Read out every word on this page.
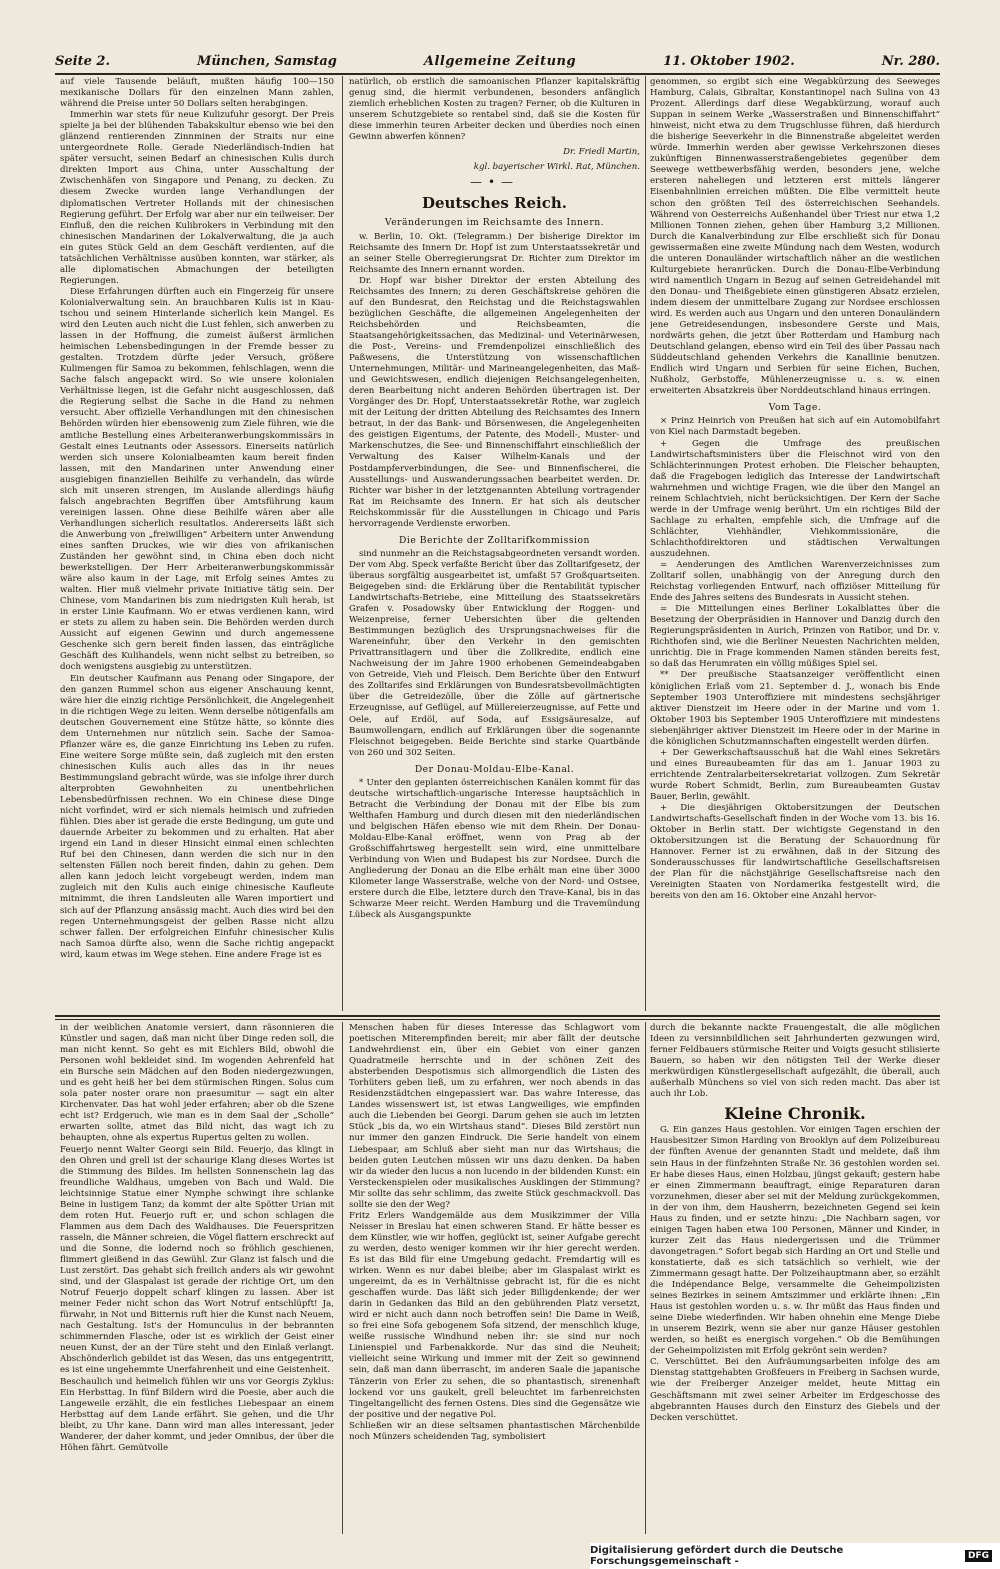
Seite 2.	München, Samstag	Allgemeine Zeitung	11. Oktober 1902.	Nr. 280.

auf viele Tausende beläuft, mußten häufig 100—150 mexikanische Dollars für den einzelnen Mann zahlen, während die Preise unter 50 Dollars selten herabgingen.

Immerhin war stets für neue Kulizufuhr gesorgt. Der Preis spielte ja bei der blühenden Tabakskultur ebenso wie bei den glänzend rentierenden Zinnminen der Straits nur eine untergeordnete Rolle. Gerade Niederländisch-Indien hat später versucht, seinen Bedarf an chinesischen Kulis durch direkten Import aus China, unter Ausschaltung der Zwischenhäfen von Singapore und Penang, zu decken. Zu diesem Zwecke wurden lange Verhandlungen der diplomatischen Vertreter Hollands mit der chinesischen Regierung geführt. Der Erfolg war aber nur ein teilweiser. Der Einfluß, den die reichen Kulibrokers in Verbindung mit den chinesischen Mandarinen der Lokalverwaltung, die ja auch ein gutes Stück Geld an dem Geschäft verdienten, auf die tatsächlichen Verhältnisse ausüben konnten, war stärker, als alle diplomatischen Abmachungen der beteiligten Regierungen.

Diese Erfahrungen dürften auch ein Fingerzeig für unsere Kolonialverwaltung sein. An brauchbaren Kulis ist in Kiau-tschou und seinem Hinterlande sicherlich kein Mangel. Es wird den Leuten auch nicht die Lust fehlen, sich anwerben zu lassen in der Hoffnung, die zumeist äußerst ärmlichen heimischen Lebensbedingungen in der Fremde besser zu gestalten. Trotzdem dürfte jeder Versuch, größere Kulimengen für Samoa zu bekommen, fehlschlagen, wenn die Sache falsch angepackt wird. So wie unsere kolonialen Verhältnisse liegen, ist die Gefahr nicht ausgeschlossen, daß die Regierung selbst die Sache in die Hand zu nehmen versucht. Aber offizielle Verhandlungen mit den chinesischen Behörden würden hier ebensowenig zum Ziele führen, wie die amtliche Bestellung eines Arbeiteranwerbungskommissärs in Gestalt eines Leutnants oder Assessors. Einerseits natürlich werden sich unsere Kolonialbeamten kaum bereit finden lassen, mit den Mandarinen unter Anwendung einer ausgiebigen finanziellen Beihilfe zu verhandeln, das würde sich mit unseren strengen, im Auslande allerdings häufig falsch angebrachten Begriffen über Amtsführung kaum vereinigen lassen. Ohne diese Beihilfe wären aber alle Verhandlungen sicherlich resultatlos. Andererseits läßt sich die Anwerbung von „freiwilligen“ Arbeitern unter Anwendung eines sanften Druckes, wie wir dies von afrikanischen Zuständen her gewöhnt sind, in China eben doch nicht bewerkstelligen. Der Herr Arbeiteranwerbungskommissär wäre also kaum in der Lage, mit Erfolg seines Amtes zu walten. Hier muß vielmehr private Initiative tätig sein. Der Chinese, vom Mandarinen bis zum niedrigsten Kuli herab, ist in erster Linie Kaufmann. Wo er etwas verdienen kann, wird er stets zu allem zu haben sein. Die Behörden werden durch Aussicht auf eigenen Gewinn und durch angemessene Geschenke sich gern bereit finden lassen, das einträgliche Geschäft des Kulihandels, wenn nicht selbst zu betreiben, so doch wenigstens ausgiebig zu unterstützen.

Ein deutscher Kaufmann aus Penang oder Singapore, der den ganzen Rummel schon aus eigener Anschauung kennt, wäre hier die einzig richtige Persönlichkeit, die Angelegenheit in die richtigen Wege zu leiten. Wenn derselbe nötigenfalls am deutschen Gouvernement eine Stütze hätte, so könnte dies dem Unternehmen nur nützlich sein. Sache der Samoa-Pflanzer wäre es, die ganze Einrichtung ins Leben zu rufen. Eine weitere Sorge müßte sein, daß zugleich mit den ersten chinesischen Kulis auch alles das in ihr neues Bestimmungsland gebracht würde, was sie infolge ihrer durch alterprobten Gewohnheiten zu unentbehrlichen Lebensbedürfnissen rechnen. Wo ein Chinese diese Dinge nicht vorfindet, wird er sich niemals heimisch und zufrieden fühlen. Dies aber ist gerade die erste Bedingung, um gute und dauernde Arbeiter zu bekommen und zu erhalten. Hat aber irgend ein Land in dieser Hinsicht einmal einen schlechten Ruf bei den Chinesen, dann werden die sich nur in den seltensten Fällen noch bereit finden, dahin zu gehen. Dem allen kann jedoch leicht vorgebeugt werden, indem man zugleich mit den Kulis auch einige chinesische Kaufleute mitnimmt, die ihren Landsleuten alle Waren importiert und sich auf der Pflanzung ansässig macht. Auch dies wird bei den regen Unternehmungsgeist der gelben Rasse nicht allzu schwer fallen. Der erfolgreichen Einfuhr chinesischer Kulis nach Samoa dürfte also, wenn die Sache richtig angepackt wird, kaum etwas im Wege stehen. Eine andere Frage ist es

natürlich, ob erstlich die samoanischen Pflanzer kapitalskräftig genug sind, die hiermit verbundenen, besonders anfänglich ziemlich erheblichen Kosten zu tragen? Ferner, ob die Kulturen in unserem Schutzgebiete so rentabel sind, daß sie die Kosten für diese immerhin teuren Arbeiter decken und überdies noch einen Gewinn abwerfen können?

Dr. Friedl Martin,
kgl. bayerischer Wirkl. Rat, München.
—•—
Deutsches Reich.
Veränderungen im Reichsamte des Innern.

w. Berlin, 10. Okt. (Telegramm.) Der bisherige Direktor im Reichsamte des Innern Dr. Hopf ist zum Unterstaatssekretär und an seiner Stelle Oberregierungsrat Dr. Richter zum Direktor im Reichsamte des Innern ernannt worden.

Dr. Hopf war bisher Direktor der ersten Abteilung des Reichsamtes des Innern; zu deren Geschäftskreise gehören die auf den Bundesrat, den Reichstag und die Reichstagswahlen bezüglichen Geschäfte, die allgemeinen Angelegenheiten der Reichsbehörden und Reichsbeamten, die Staatsangehörigkeitssachen, das Medizinal- und Veterinärwesen, die Post-, Vereins- und Fremdenpolizei einschließlich des Paßwesens, die Unterstützung von wissenschaftlichen Unternehmungen, Militär- und Marineangelegenheiten, das Maß- und Gewichtswesen, endlich diejenigen Reichsangelegenheiten, deren Bearbeitung nicht anderen Behörden übertragen ist. Der Vorgänger des Dr. Hopf, Unterstaatssekretär Rothe, war zugleich mit der Leitung der dritten Abteilung des Reichsamtes des Innern betraut, in der das Bank- und Börsenwesen, die Angelegenheiten des geistigen Eigentums, der Patente, des Modell-, Muster- und Markenschutzes, die See- und Binnenschiffahrt einschließlich der Verwaltung des Kaiser Wilhelm-Kanals und der Postdampferverbindungen, die See- und Binnenfischerei, die Ausstellungs- und Auswanderungssachen bearbeitet werden. Dr. Richter war bisher in der letztgenannten Abteilung vortragender Rat im Reichsamte des Innern. Er hat sich als deutscher Reichskommissär für die Ausstellungen in Chicago und Paris hervorragende Verdienste erworben.

Die Berichte der Zolltarifkommission

sind nunmehr an die Reichstagsabgeordneten versandt worden. Der vom Abg. Speck verfaßte Bericht über das Zolltarifgesetz, der überaus sorgfältig ausgearbeitet ist, umfaßt 57 Großquartseiten. Beigegeben sind: die Erklärung über die Rentabilität typischer Landwirtschafts-Betriebe, eine Mitteilung des Staatssekretärs Grafen v. Posadowsky über Entwicklung der Roggen- und Weizenpreise, ferner Uebersichten über die geltenden Bestimmungen bezüglich des Ursprungsnachweises für die Wareneinfuhr, über den Verkehr in den gemischten Privattransitlagern und über die Zollkredite, endlich eine Nachweisung der im Jahre 1900 erhobenen Gemeindeabgaben von Getreide, Vieh und Fleisch. Dem Berichte über den Entwurf des Zolltarifes sind Erklärungen von Bundesratsbevollmächtigten über die Getreidezölle, über die Zölle auf gärtnerische Erzeugnisse, auf Geflügel, auf Müllereierzeugnisse, auf Fette und Oele, auf Erdöl, auf Soda, auf Essigsäuresalze, auf Baumwollengarn, endlich auf Erklärungen über die sogenannte Fleischnot beigegeben. Beide Berichte sind starke Quartbände von 260 und 302 Seiten.

Der Donau-Moldau-Elbe-Kanal.

* Unter den geplanten österreichischen Kanälen kommt für das deutsche wirtschaftlich-ungarische Interesse hauptsächlich in Betracht die Verbindung der Donau mit der Elbe bis zum Welthafen Hamburg und durch diesen mit den niederländischen und belgischen Häfen ebenso wie mit dem Rhein. Der Donau-Moldau-Elbe-Kanal eröffnet, wenn von Prag ab der Großschiffahrtsweg hergestellt sein wird, eine unmittelbare Verbindung von Wien und Budapest bis zur Nordsee. Durch die Angliederung der Donau an die Elbe erhält man eine über 3000 Kilometer lange Wasserstraße, welche von der Nord- und Ostsee, erstere durch die Elbe, letztere durch den Trave-Kanal, bis in das Schwarze Meer reicht. Werden Hamburg und die Travemündung Lübeck als Ausgangspunkte

genommen, so ergibt sich eine Wegabkürzung des Seeweges Hamburg, Calais, Gibraltar, Konstantinopel nach Sulina von 43 Prozent. Allerdings darf diese Wegabkürzung, worauf auch Suppan in seinem Werke „Wasserstraßen und Binnenschiffahrt“ hinweist, nicht etwa zu dem Trugschlusse führen, daß hierdurch die bisherige Seeverkehr in die Binnenstraße abgeleitet werden würde. Immerhin werden aber gewisse Verkehrszonen dieses zukünftigen Binnenwasserstraßengebietes gegenüber dem Seewege wettbewerbsfähig werden, besonders jene, welche ersteren naheliegen und letzteren erst mittels längerer Eisenbahnlinien erreichen müßten. Die Elbe vermittelt heute schon den größten Teil des österreichischen Seehandels. Während von Oesterreichs Außenhandel über Triest nur etwa 1,2 Millionen Tonnen ziehen, gehen über Hamburg 3,2 Millionen. Durch die Kanalverbindung zur Elbe erschließt sich für Donau gewissermaßen eine zweite Mündung nach dem Westen, wodurch die unteren Donauländer wirtschaftlich näher an die westlichen Kulturgebiete heranrücken. Durch die Donau-Elbe-Verbindung wird namentlich Ungarn in Bezug auf seinen Getreidehandel mit den Donau- und Theißgebiete einen günstigeren Absatz erzielen, indem diesem der unmittelbare Zugang zur Nordsee erschlossen wird. Es werden auch aus Ungarn und den unteren Donauländern jene Getreidesendungen, insbesondere Gerste und Mais, nordwärts gehen, die jetzt über Rotterdam und Hamburg nach Deutschland gelangen, ebenso wird ein Teil des über Passau nach Süddeutschland gehenden Verkehrs die Kanallinie benutzen. Endlich wird Ungarn und Serbien für seine Eichen, Buchen, Nußholz, Gerbstoffe, Mühlenerzeugnisse u. s. w. einen erweiterten Absatzkreis über Norddeutschland hinaus erringen.

Vom Tage.

× Prinz Heinrich von Preußen hat sich auf ein Automobilfahrt von Kiel nach Darmstadt begeben.

+ Gegen die Umfrage des preußischen Landwirtschaftsministers über die Fleischnot wird von den Schlächterinnungen Protest erhoben. Die Fleischer behaupten, daß die Fragebogen lediglich das Interesse der Landwirtschaft wahrnehmen und wichtige Fragen, wie die über den Mangel an reinem Schlachtvieh, nicht berücksichtigen. Der Kern der Sache werde in der Umfrage wenig berührt. Um ein richtiges Bild der Sachlage zu erhalten, empfehle sich, die Umfrage auf die Schlächter, Viehhändler, Viehkommissionäre, die Schlachthofdirektoren und städtischen Verwaltungen auszudehnen.

= Aenderungen des Amtlichen Warenverzeichnisses zum Zolltarif sollen, unabhängig von der Anregung durch den Reichstag vorliegenden Entwurf, nach offiziöser Mitteilung für Ende des Jahres seitens des Bundesrats in Aussicht stehen.

= Die Mitteilungen eines Berliner Lokalblattes über die Besetzung der Oberpräsidien in Hannover und Danzig durch den Regierungspräsidenten in Aurich, Prinzen von Ratibor, und Dr. v. Richthofen sind, wie die Berliner Neuesten Nachrichten melden, unrichtig. Die in Frage kommenden Namen ständen bereits fest, so daß das Herumraten ein völlig müßiges Spiel sei.

** Der preußische Staatsanzeiger veröffentlicht einen königlichen Erlaß vom 21. September d. J., wonach bis Ende September 1903 Unteroffiziere mit mindestens sechsjähriger aktiver Dienstzeit im Heere oder in der Marine und vom 1. Oktober 1903 bis September 1905 Unteroffiziere mit mindestens siebenjähriger aktiver Dienstzeit im Heere oder in der Marine in die königlichen Schutzmannschaften eingestellt werden dürfen.

+ Der Gewerkschaftsausschuß hat die Wahl eines Sekretärs und eines Bureaubeamten für das am 1. Januar 1903 zu errichtende Zentralarbeitersekretariat vollzogen. Zum Sekretär wurde Robert Schmidt, Berlin, zum Bureaubeamten Gustav Bauer, Berlin, gewählt.

+ Die diesjährigen Oktobersitzungen der Deutschen Landwirtschafts-Gesellschaft finden in der Woche vom 13. bis 16. Oktober in Berlin statt. Der wichtigste Gegenstand in den Oktobersitzungen ist die Beratung der Schauordnung für Hannover. Ferner ist zu erwähnen, daß in der Sitzung des Sonderausschusses für landwirtschaftliche Gesellschaftsreisen der Plan für die nächstjährige Gesellschaftsreise nach den Vereinigten Staaten von Nordamerika festgestellt wird, die bereits von den am 16. Oktober eine Anzahl hervor-

in der weiblichen Anatomie versiert, dann räsonnieren die Künstler und sagen, daß man nicht über Dinge reden soll, die man nicht kennt. So geht es mit Eichlers Bild, obwohl die Personen wohl bekleidet sind. Im wogenden Aehrenfeld hat ein Bursche sein Mädchen auf den Boden niedergezwungen, und es geht heiß her bei dem stürmischen Ringen. Solus cum sola pater noster orare non praesumitur — sagt ein alter Kirchenvater. Das hat wohl jeder erfahren; aber ob die Szene echt ist? Erdgeruch, wie man es in dem Saal der „Scholle“ erwarten sollte, atmet das Bild nicht, das wagt ich zu behaupten, ohne als expertus Rupertus gelten zu wollen.
Feuerjo nennt Walter Georgi sein Bild. Feuerjo, das klingt in den Ohren und grell ist der schaurige Klang dieses Wortes ist die Stimmung des Bildes. Im hellsten Sonnenschein lag das freundliche Waldhaus, umgeben von Bach und Wald. Die leichtsinnige Statue einer Nymphe schwingt ihre schlanke Beine in lustigem Tanz; da kommt der alte Spötter Urian mit dem roten Hut. Feuerjo ruft er, und schon schlagen die Flammen aus dem Dach des Waldhauses. Die Feuerspritzen rasseln, die Männer schreien, die Vögel flattern erschreckt auf und die Sonne, die lodernd noch so fröhlich geschienen, flimmert gleißend in das Gewühl. Zur Glanz ist falsch und die Lust zerstört. Das gehabt sich freilich anders als wir gewohnt sind, und der Glaspalast ist gerade der richtige Ort, um den Notruf Feuerjo doppelt scharf klingen zu lassen. Aber ist meiner Feder nicht schon das Wort Notruf entschlüpft! Ja, fürwahr, in Not und Bitternis ruft hier die Kunst nach Neuem, nach Gestaltung. Ist's der Homunculus in der bebrannten schimmernden Flasche, oder ist es wirklich der Geist einer neuen Kunst, der an der Türe steht und den Einlaß verlangt. Abschönderlich gebildet ist das Wesen, das uns entgegentritt, es ist eine ungehemmte Unerfahrenheit und eine Geistenheit.
Beschaulich und heimelich fühlen wir uns vor Georgis Zyklus: Ein Herbsttag. In fünf Bildern wird die Poesie, aber auch die Langeweile erzählt, die ein festliches Liebespaar an einem Herbsttag auf dem Lande erfährt. Sie gehen, und die Uhr bleibt, zu Uhr kane. Dann wird man alles interessant, jeder Wanderer, der daher kommt, und jeder Omnibus, der über die Höhen fährt. Gemütvolle

Menschen haben für dieses Interesse das Schlagwort vom poetischen Miterempfinden bereit; mir aber fällt der deutsche Landwehrdienst ein, über ein Gebiet von einer ganzen Quadratmeile herrschte und in der schönen Zeit des absterbenden Despotismus sich allmorgendlich die Listen des Torhüters geben ließ, um zu erfahren, wer noch abends in das Residenzstädtchen eingepassiert war. Das wahre Interesse, das Landes wissenswert ist, ist etwas Langweiliges, wie empfinden auch die Liebenden bei Georgi. Darum gehen sie auch im letzten Stück „bis da, wo ein Wirtshaus stand“. Dieses Bild zerstört nun nur immer den ganzen Eindruck. Die Serie handelt von einem Liebespaar, am Schluß aber sieht man nur das Wirtshaus; die beiden guten Leutchen müssen wir uns dazu denken. Da haben wir da wieder den lucus a non lucendo in der bildenden Kunst: ein Versteckenspielen oder musikalisches Ausklingen der Stimmung? Mir sollte das sehr schlimm, das zweite Stück geschmackvoll. Das sollte sie den der Weg?
Fritz Erlers Wandgemälde aus dem Musikzimmer der Villa Neisser in Breslau hat einen schweren Stand. Er hätte besser es dem Künstler, wie wir hoffen, geglückt ist, seiner Aufgabe gerecht zu werden, desto weniger kommen wir ihr hier gerecht werden. Es ist das Bild für eine Umgebung gedacht. Fremdartig will es wirken. Wenn es nur dabei bleibe; aber im Glaspalast wirkt es ungereimt, da es in Verhältnisse gebracht ist, für die es nicht geschaffen wurde. Das läßt sich jeder Billigdenkende; der wer darin in Gedanken das Bild an den gebührenden Platz versetzt, wird er nicht auch dann noch betroffen sein! Die Dame in Weiß, so frei eine Sofa gebogenem Sofa sitzend, der menschlich kluge, weiße russische Windhund neben ihr: sie sind nur noch Linienspiel und Farbenakkorde. Nur das sind die Neuheit; vielleicht seine Wirkung und immer mit der Zeit so gewinnend sein, daß man dann überrascht, im anderen Saale die japanische Tänzerin von Erler zu sehen, die so phantastisch, sirenenhaft lockend vor uns gaukelt, grell beleuchtet im farbenreichsten Tingeltangellicht des fernen Ostens. Dies sind die Gegensätze wie der positive und der negative Pol.
Schließen wir an diese seltsamen phantastischen Märchenbilde noch Münzers scheidenden Tag, symbolisiert

durch die bekannte nackte Frauengestalt, die alle möglichen Ideen zu versinnbildlichen seit Jahrhunderten gezwungen wird, ferner Feldbauers stürmische Reiter und Voigts gesucht stilisierte Bauern, so haben wir den nötigsten Teil der Werke dieser merkwürdigen Künstlergesellschaft aufgezählt, die überall, auch außerhalb Münchens so viel von sich reden macht. Das aber ist auch ihr Lob.

Kleine Chronik.

G. Ein ganzes Haus gestohlen. Vor einigen Tagen erschien der Hausbesitzer Simon Harding von Brooklyn auf dem Polizeibureau der fünften Avenue der genannten Stadt und meldete, daß ihm sein Haus in der fünfzehnten Straße Nr. 36 gestohlen worden sei. Er habe dieses Haus, einen Holzbau, jüngst gekauft; gestern habe er einen Zimmermann beauftragt, einige Reparaturen daran vorzunehmen, dieser aber sei mit der Meldung zurückgekommen, in der von ihm, dem Hausherrn, bezeichneten Gegend sei kein Haus zu finden, und er setzte hinzu: „Die Nachbarn sagen, vor einigen Tagen haben etwa 100 Personen, Männer und Kinder, in kurzer Zeit das Haus niedergerissen und die Trümmer davongetragen.“ Sofort begab sich Harding an Ort und Stelle und konstatierte, daß es sich tatsächlich so verhielt, wie der Zimmermann gesagt hatte. Der Polizeihauptmann aber, so erzählt die Indépendance Belge, versammelte die Geheimpolizisten seines Bezirkes in seinem Amtszimmer und erklärte ihnen: „Ein Haus ist gestohlen worden u. s. w. Ihr müßt das Haus finden und seine Diebe wiederfinden. Wir haben ohnehin eine Menge Diebe in unserem Bezirk, wenn sie aber nur ganze Häuser gestohlen werden, so heißt es energisch vorgehen.“ Ob die Bemühungen der Geheimpolizisten mit Erfolg gekrönt sein werden?
C. Verschüttet. Bei den Aufräumungsarbeiten infolge des am Dienstag stattgehabten Großfeuers in Freiberg in Sachsen wurde, wie der Freiberger Anzeiger meldet, heute Mittag ein Geschäftsmann mit zwei seiner Arbeiter im Erdgeschosse des abgebrannten Hauses durch den Einsturz des Giebels und der Decken verschüttet.

Digitalisierung gefördert durch die Deutsche Forschungsgemeinschaft -	DFG
